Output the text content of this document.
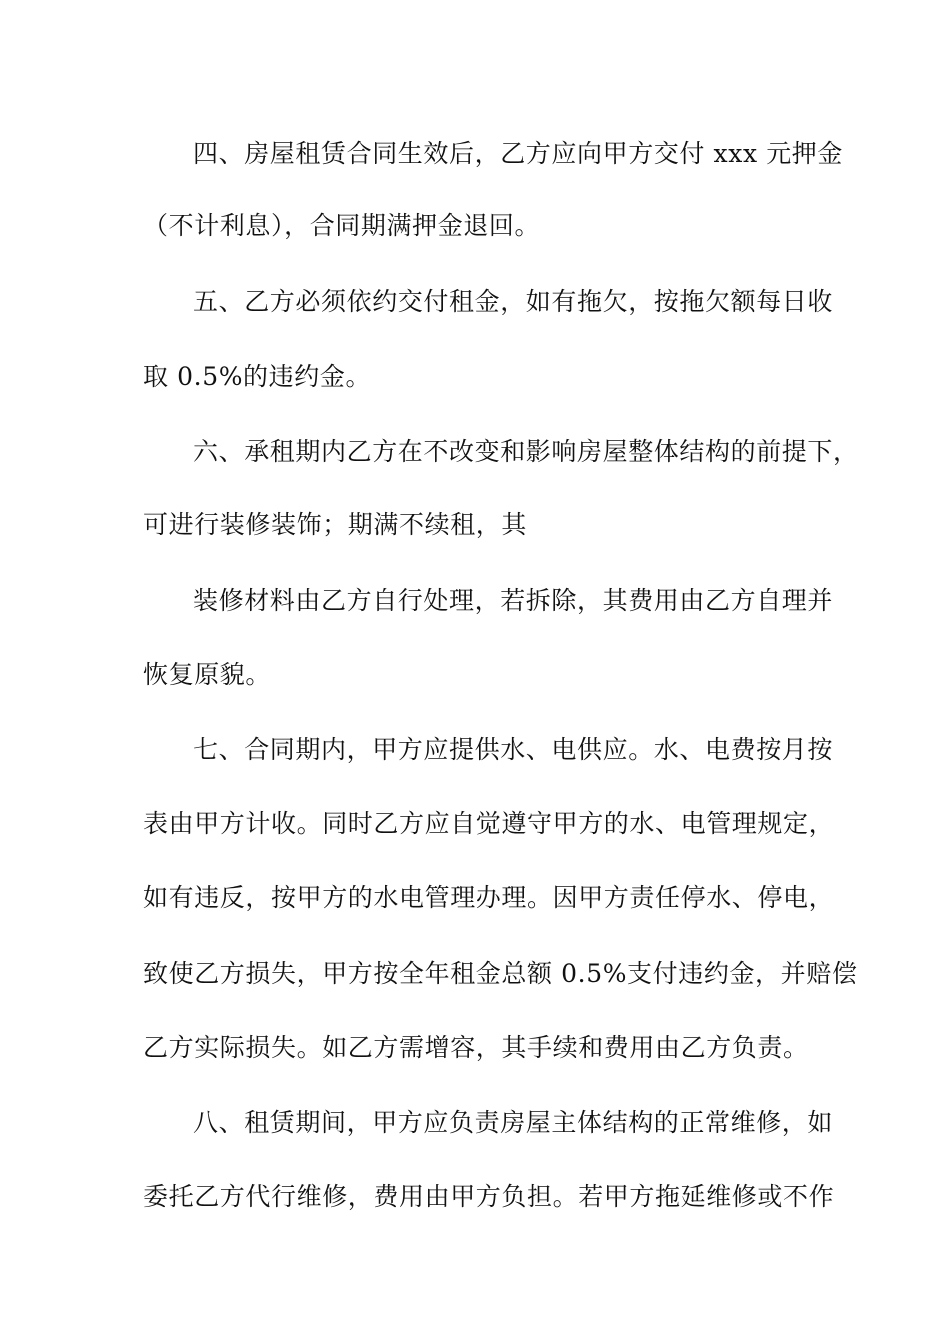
四、房屋租赁合同生效后，乙方应向甲方交付 xxx 元押金
（不计利息），合同期满押金退回。
五、乙方必须依约交付租金，如有拖欠，按拖欠额每日收
取 0.5%的违约金。
六、承租期内乙方在不改变和影响房屋整体结构的前提下，
可进行装修装饰；期满不续租，其
装修材料由乙方自行处理，若拆除，其费用由乙方自理并
恢复原貌。
七、合同期内，甲方应提供水、电供应。水、电费按月按
表由甲方计收。同时乙方应自觉遵守甲方的水、电管理规定，
如有违反，按甲方的水电管理办理。因甲方责任停水、停电，
致使乙方损失，甲方按全年租金总额 0.5%支付违约金，并赔偿
乙方实际损失。如乙方需增容，其手续和费用由乙方负责。
八、租赁期间，甲方应负责房屋主体结构的正常维修，如
委托乙方代行维修，费用由甲方负担。若甲方拖延维修或不作
